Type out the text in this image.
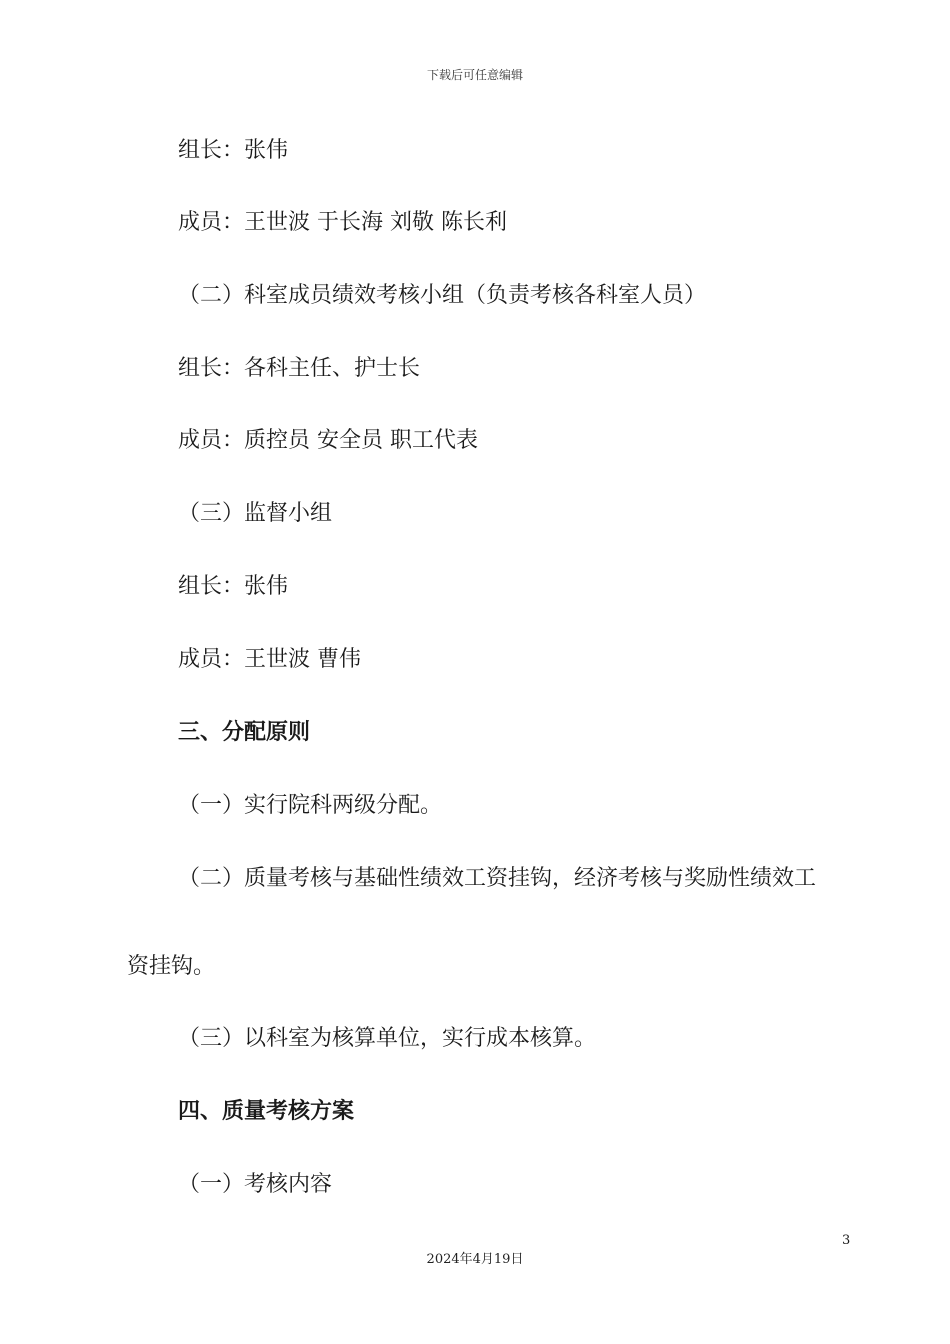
下载后可任意编辑
组长：张伟
成员：王世波 于长海 刘敬 陈长利
（二）科室成员绩效考核小组（负责考核各科室人员）
组长：各科主任、护士长
成员：质控员 安全员 职工代表
（三）监督小组
组长：张伟
成员：王世波 曹伟
三、分配原则
（一）实行院科两级分配。
（二）质量考核与基础性绩效工资挂钩，经济考核与奖励性绩效工
资挂钩。
（三）以科室为核算单位，实行成本核算。
四、质量考核方案
（一）考核内容
3
2024年4月19日
